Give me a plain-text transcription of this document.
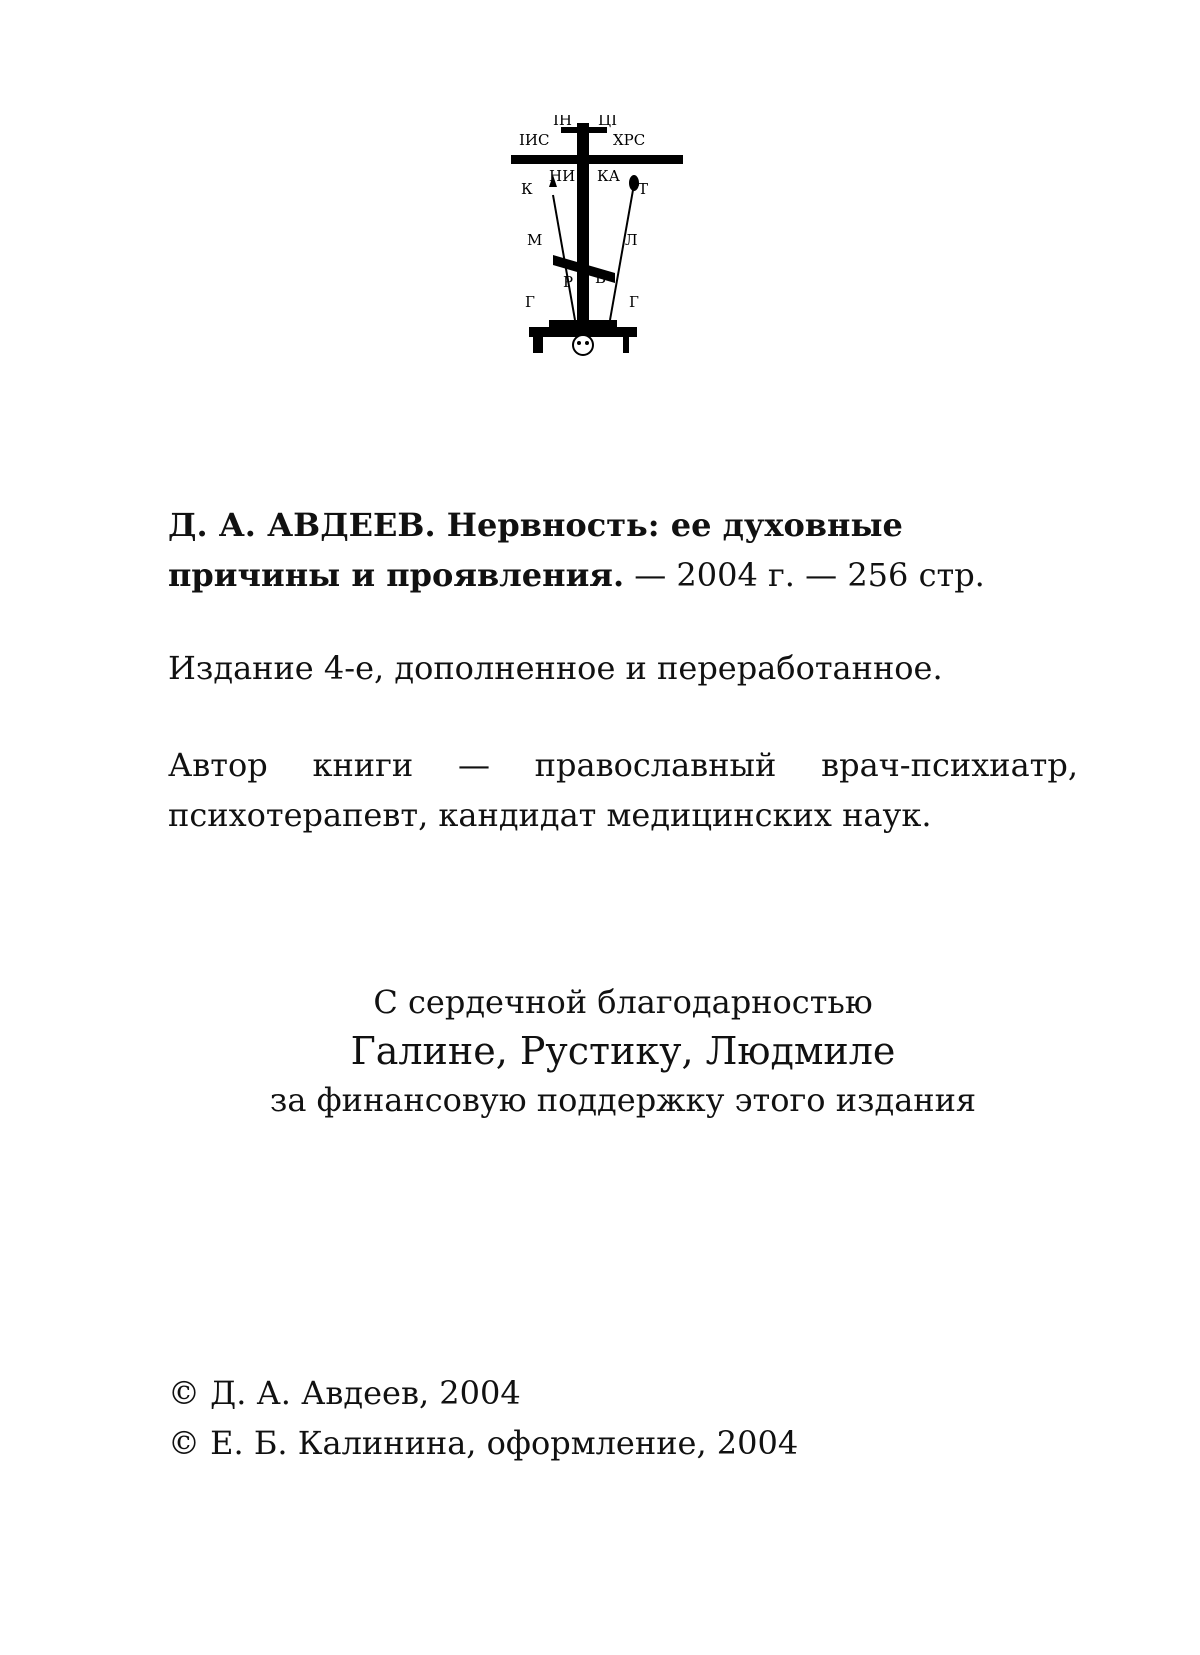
ІН ЦІ
ІИС	ХРС
НИ КА
К	Т
М	Л
Р Б
Г	Г
Г А
Д. А. АВДЕЕВ. Нервность: ее духовные причины и проявления. — 2004 г. — 256 стр.
Издание 4-е, дополненное и переработанное.
Автор книги — православный врач-психиатр, психотерапевт, кандидат медицинских наук.
С сердечной благодарностью
Галине, Рустику, Людмиле
за финансовую поддержку этого издания
© Д. А. Авдеев, 2004
© Е. Б. Калинина, оформление, 2004
